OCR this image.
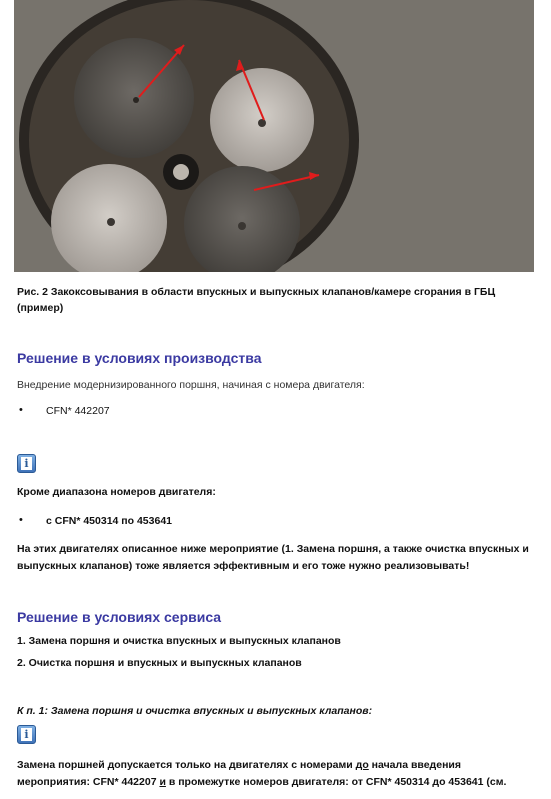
Рис. 2 Закоксовывания в области впускных и выпускных клапанов/камере сгорания в ГБЦ (пример)
Решение в условиях производства
Внедрение модернизированного поршня, начиная с номера двигателя:
• CFN* 442207
i
Кроме диапазона номеров двигателя:
• с CFN* 450314 по 453641
На этих двигателях описанное ниже мероприятие (1. Замена поршня, а также очистка впускных и выпускных клапанов) тоже является эффективным и его тоже нужно реализовывать!
Решение в условиях сервиса
1. Замена поршня и очистка впускных и выпускных клапанов
2. Очистка поршня и впускных и выпускных клапанов
К п. 1: Замена поршня и очистка впускных и выпускных клапанов:
i
Замена поршней допускается только на двигателях с номерами до начала введения
мероприятия: CFN* 442207 и в промежутке номеров двигателя: от CFN* 450314 до 453641 (см.
